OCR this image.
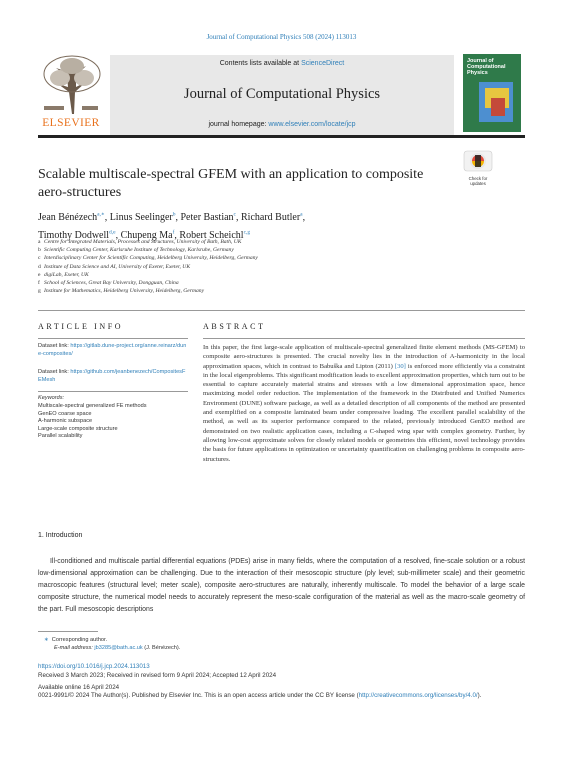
Journal of Computational Physics 508 (2024) 113013
ELSEVIER
Contents lists available at ScienceDirect
Journal of Computational Physics
journal homepage: www.elsevier.com/locate/jcp
Journal of Computational Physics
Check for updates
Scalable multiscale-spectral GFEM with an application to composite aero-structures
Jean Bénézech$^{a,∗}$, Linus Seelinger$^b$, Peter Bastian$^c$, Richard Butler$^a$,
Timothy Dodwell$^{d,e}$, Chupeng Ma$^f$, Robert Scheichl$^{c,g}$
a Centre for Integrated Materials, Processes and Structures, University of Bath, Bath, UK
b Scientific Computing Center, Karlsruhe Institute of Technology, Karlsruhe, Germany
c Interdisciplinary Center for Scientific Computing, Heidelberg University, Heidelberg, Germany
d Institute of Data Science and AI, University of Exeter, Exeter, UK
e digiLab, Exeter, UK
f School of Sciences, Great Bay University, Dongguan, China
g Institute for Mathematics, Heidelberg University, Heidelberg, Germany
ARTICLE INFO
Dataset link: https://gitlab.dune-project.org/anne.reinarz/dune-composites/
Dataset link: https://github.com/jeanbenezech/CompositesFEMesh
Keywords:
Multiscale-spectral generalized FE methods
GenEO coarse space
A-harmonic subspace
Large-scale composite structure
Parallel scalability
ABSTRACT
In this paper, the first large-scale application of multiscale-spectral generalized finite element methods (MS-GFEM) to composite aero-structures is presented. The crucial novelty lies in the introduction of A-harmonicity in the local approximation spaces, which in contrast to Babuška and Lipton (2011) [30] is enforced more efficiently via a constraint in the local eigenproblems. This significant modification leads to excellent approximation properties, which turn out to be essential to capture accurately material strains and stresses with a low dimensional approximation space, hence maximizing model order reduction. The implementation of the framework in the Distributed and Unified Numerics Environment (DUNE) software package, as well as a detailed description of all components of the method are presented and exemplified on a composite laminated beam under compressive loading. The excellent parallel scalability of the method, as well as its superior performance compared to the related, previously introduced GenEO method are demonstrated on two realistic application cases, including a C-shaped wing spar with complex geometry. Further, by allowing low-cost approximate solves for closely related models or geometries this efficient, novel technology provides the basis for future applications in optimization or uncertainty quantification on challenging problems in composite aero-structures.
1. Introduction
Ill-conditioned and multiscale partial differential equations (PDEs) arise in many fields, where the computation of a resolved, fine-scale solution or a robust low-dimensional approximation can be challenging. Due to the interaction of their mesoscopic structure (ply level; sub-millimeter scale) and their geometric macroscopic features (structural level; meter scale), composite aero-structures are naturally, inherently multiscale. To model the behavior of a large scale composite structure, the numerical model needs to accurately represent the meso-scale configuration of the material as well as the macro-scale geometry of the part. Full mesoscopic descriptions
∗ Corresponding author.
E-mail address: jb3285@bath.ac.uk (J. Bénézech).
https://doi.org/10.1016/j.jcp.2024.113013
Received 3 March 2023; Received in revised form 9 April 2024; Accepted 12 April 2024
Available online 16 April 2024
0021-9991/© 2024 The Author(s). Published by Elsevier Inc. This is an open access article under the CC BY license (http://creativecommons.org/licenses/by/4.0/).
